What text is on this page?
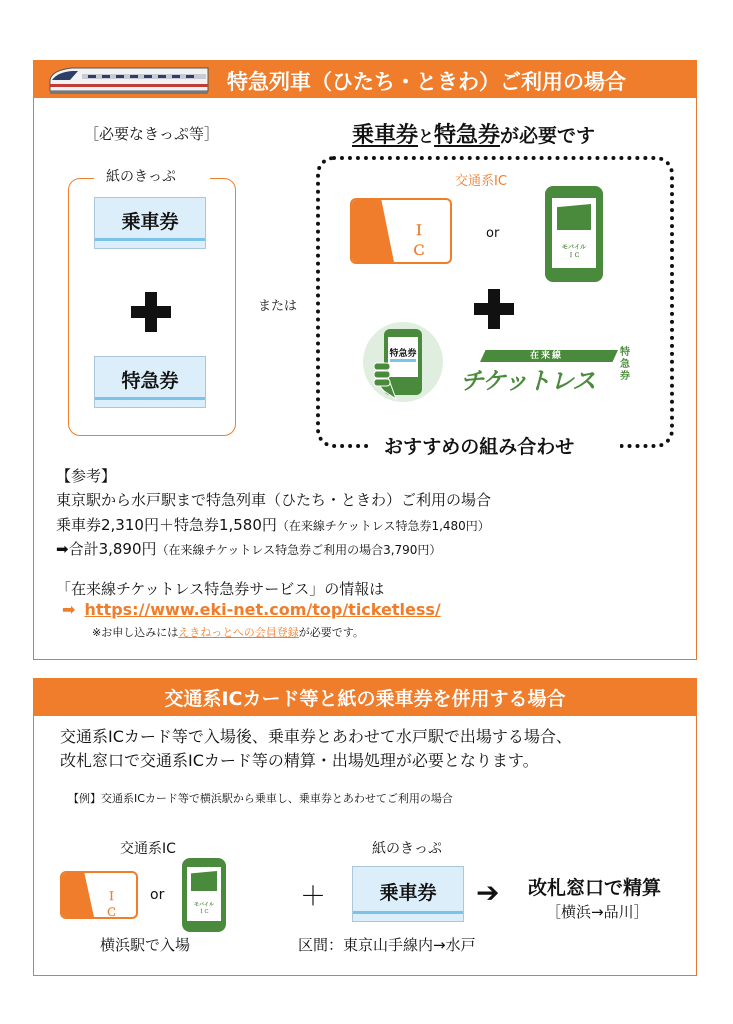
特急列車（ひたち・ときわ）ご利用の場合
［必要なきっぷ等］
紙のきっぷ
乗車券
特急券
または
乗車券と特急券が必要です
交通系IC
ＩＣ
or
モバイル
ＩＣ
特急券	在来線
チケットレス
特急券
おすすめの組み合わせ
【参考】
東京駅から水戸駅まで特急列車（ひたち・ときわ）ご利用の場合
乗車券2,310円＋特急券1,580円（在来線チケットレス特急券1,480円）
➡合計3,890円（在来線チケットレス特急券ご利用の場合3,790円）
「在来線チケットレス特急券サービス」の情報は
➡ https://www.eki-net.com/top/ticketless/
※お申し込みにはえきねっとへの会員登録が必要です。
交通系ICカード等と紙の乗車券を併用する場合
交通系ICカード等で入場後、乗車券とあわせて水戸駅で出場する場合、
改札窓口で交通系ICカード等の精算・出場処理が必要となります。
【例】交通系ICカード等で横浜駅から乗車し、乗車券とあわせてご利用の場合
交通系IC
ＩＣ
or
モバイル
ＩＣ
横浜駅で入場
＋
紙のきっぷ
乗車券
区間：東京山手線内→水戸
➔ 改札窓口で精算
［横浜→品川］
